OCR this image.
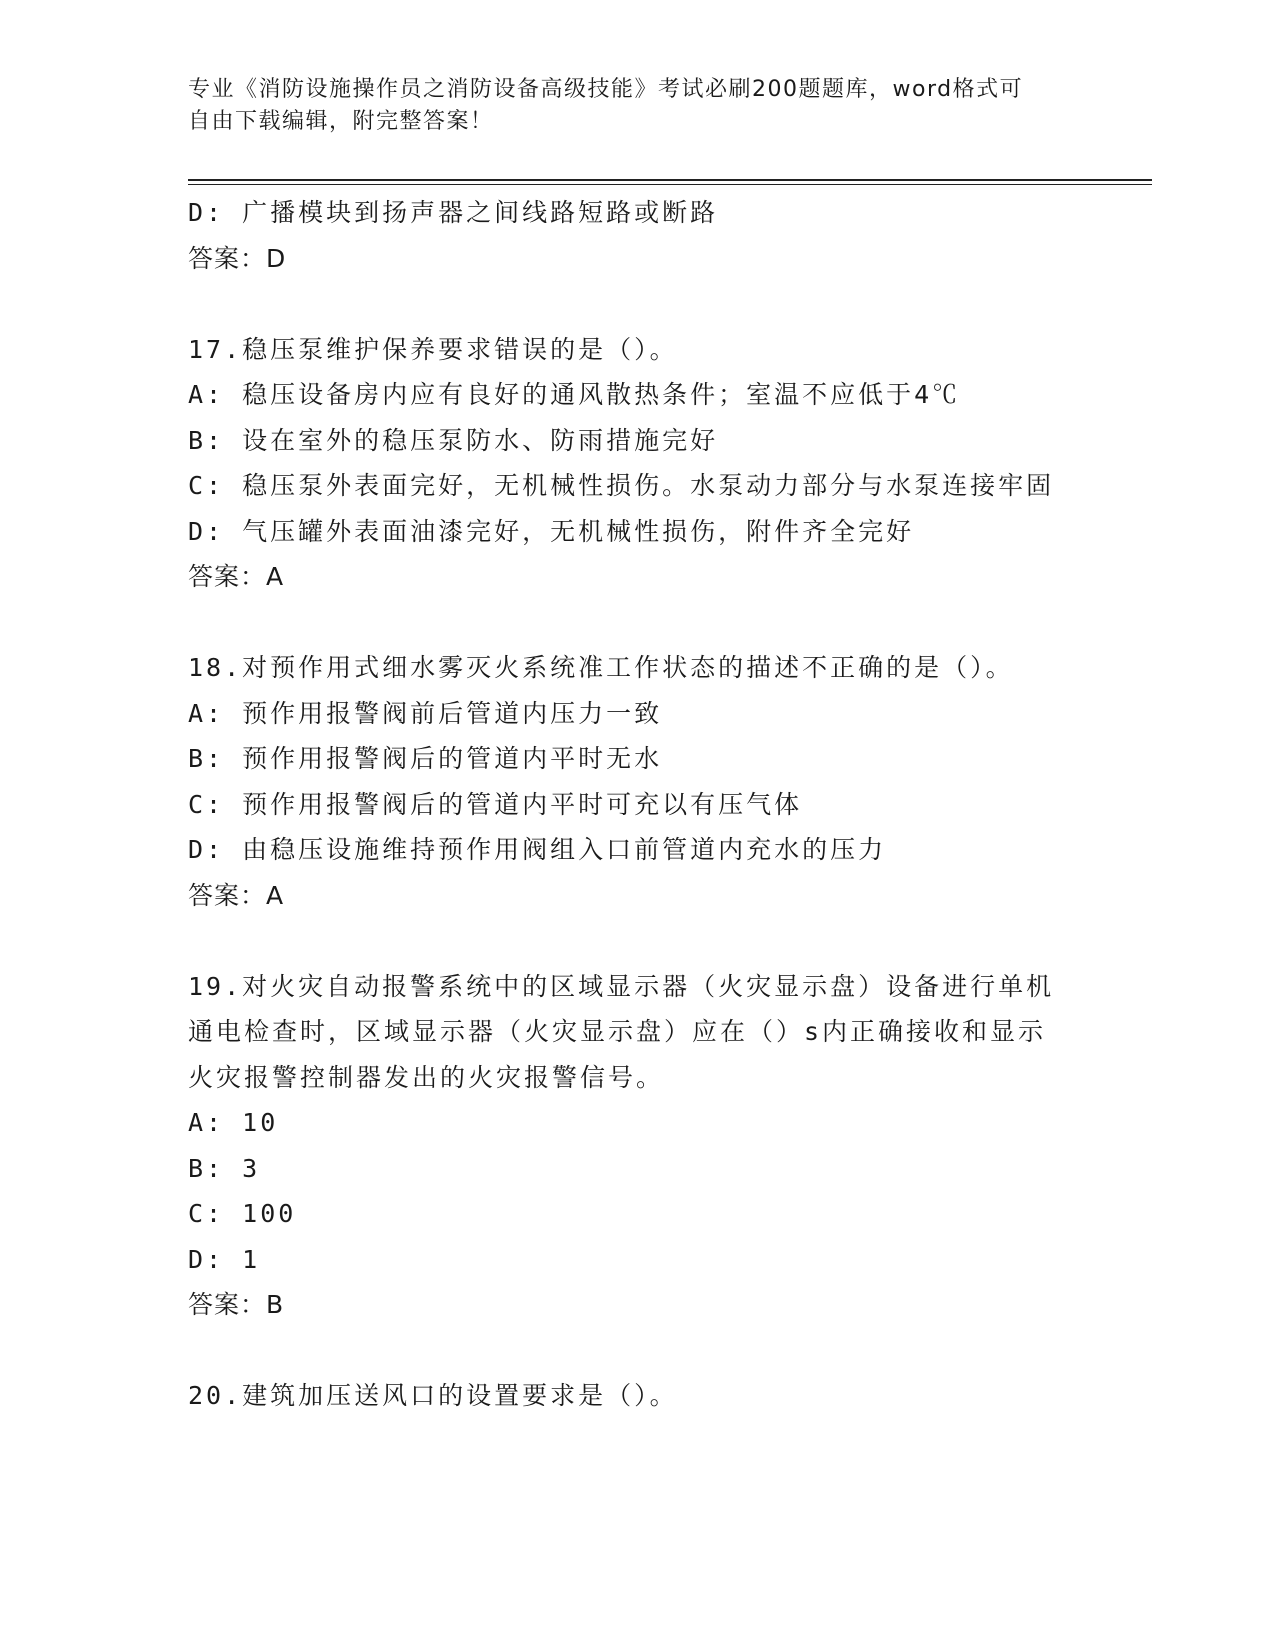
专业《消防设施操作员之消防设备高级技能》考试必刷200题题库，word格式可
自由下载编辑，附完整答案！
D: 广播模块到扬声器之间线路短路或断路
答案：D
17.稳压泵维护保养要求错误的是（）。
A: 稳压设备房内应有良好的通风散热条件；室温不应低于4℃
B: 设在室外的稳压泵防水、防雨措施完好
C: 稳压泵外表面完好，无机械性损伤。水泵动力部分与水泵连接牢固
D: 气压罐外表面油漆完好，无机械性损伤，附件齐全完好
答案：A
18.对预作用式细水雾灭火系统准工作状态的描述不正确的是（）。
A: 预作用报警阀前后管道内压力一致
B: 预作用报警阀后的管道内平时无水
C: 预作用报警阀后的管道内平时可充以有压气体
D: 由稳压设施维持预作用阀组入口前管道内充水的压力
答案：A
19.对火灾自动报警系统中的区域显示器（火灾显示盘）设备进行单机
通电检查时，区域显示器（火灾显示盘）应在（）s内正确接收和显示
火灾报警控制器发出的火灾报警信号。
A: 10
B: 3
C: 100
D: 1
答案：B
20.建筑加压送风口的设置要求是（）。
